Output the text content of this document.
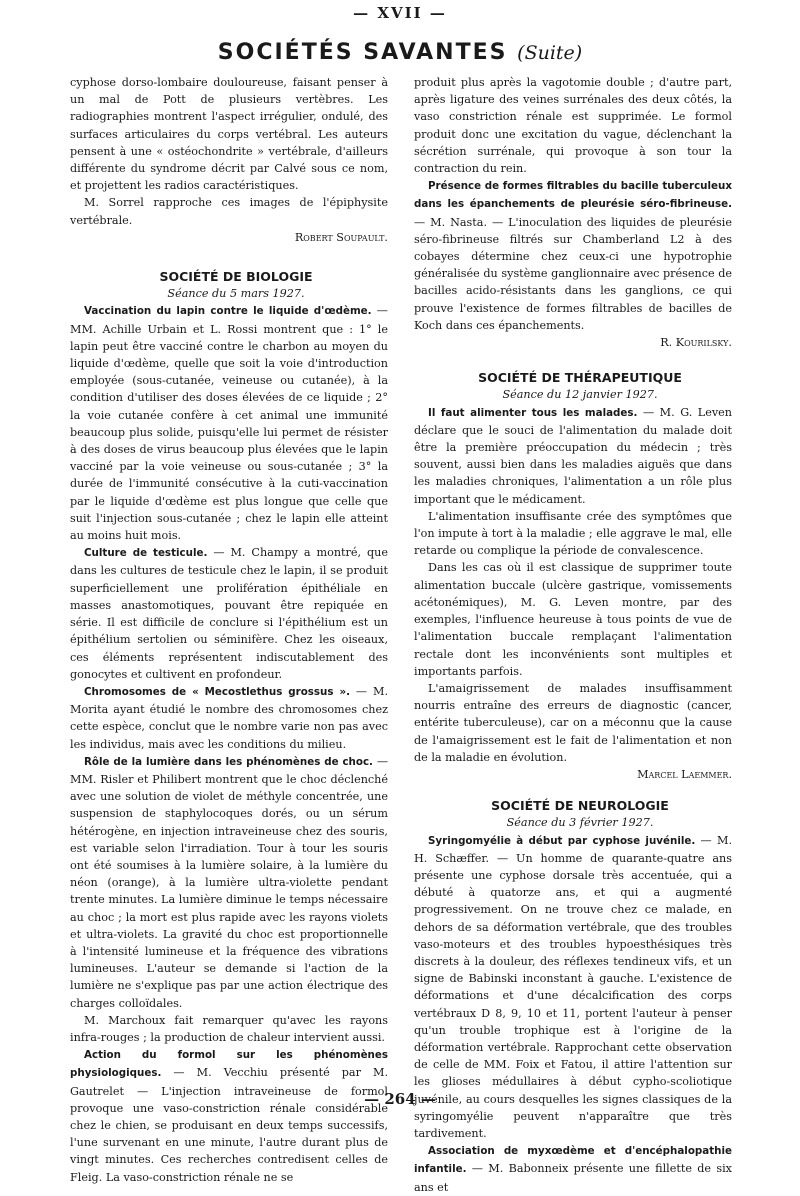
— XVII —
SOCIÉTÉS SAVANTES (Suite)

cyphose dorso-lombaire douloureuse, faisant penser à un mal de Pott de plusieurs vertèbres. Les radiographies montrent l'aspect irrégulier, ondulé, des surfaces articulaires du corps vertébral. Les auteurs pensent à une « ostéochondrite » vertébrale, d'ailleurs différente du syndrome décrit par Calvé sous ce nom, et projettent les radios caractéristiques.

M. Sorrel rapproche ces images de l'épiphysite vertébrale.

Robert Soupault.

SOCIÉTÉ DE BIOLOGIE

Séance du 5 mars 1927.

Vaccination du lapin contre le liquide d'œdème. — MM. Achille Urbain et L. Rossi montrent que : 1° le lapin peut être vacciné contre le charbon au moyen du liquide d'œdème, quelle que soit la voie d'introduction employée (sous-cutanée, veineuse ou cutanée), à la condition d'utiliser des doses élevées de ce liquide ; 2° la voie cutanée confère à cet animal une immunité beaucoup plus solide, puisqu'elle lui permet de résister à des doses de virus beaucoup plus élevées que le lapin vacciné par la voie veineuse ou sous-cutanée ; 3° la durée de l'immunité consécutive à la cuti-vaccination par le liquide d'œdème est plus longue que celle que suit l'injection sous-cutanée ; chez le lapin elle atteint au moins huit mois.

Culture de testicule. — M. Champy a montré, que dans les cultures de testicule chez le lapin, il se produit superficiellement une prolifération épithéliale en masses anastomotiques, pouvant être repiquée en série. Il est difficile de conclure si l'épithélium est un épithélium sertolien ou séminifère. Chez les oiseaux, ces éléments représentent indiscutablement des gonocytes et cultivent en profondeur.

Chromosomes de « Mecostlethus grossus ». — M. Morita ayant étudié le nombre des chromosomes chez cette espèce, conclut que le nombre varie non pas avec les individus, mais avec les conditions du milieu.

Rôle de la lumière dans les phénomènes de choc. — MM. Risler et Philibert montrent que le choc déclenché avec une solution de violet de méthyle concentrée, une suspension de staphylocoques dorés, ou un sérum hétérogène, en injection intraveineuse chez des souris, est variable selon l'irradiation. Tour à tour les souris ont été soumises à la lumière solaire, à la lumière du néon (orange), à la lumière ultra-violette pendant trente minutes. La lumière diminue le temps nécessaire au choc ; la mort est plus rapide avec les rayons violets et ultra-violets. La gravité du choc est proportionnelle à l'intensité lumineuse et la fréquence des vibrations lumineuses. L'auteur se demande si l'action de la lumière ne s'explique pas par une action électrique des charges colloïdales.

M. Marchoux fait remarquer qu'avec les rayons infra-rouges ; la production de chaleur intervient aussi.

Action du formol sur les phénomènes physiologiques. — M. Vecchiu présenté par M. Gautrelet — L'injection intraveineuse de formol provoque une vaso-constriction rénale considérable chez le chien, se produisant en deux temps successifs, l'une survenant en une minute, l'autre durant plus de vingt minutes. Ces recherches contredisent celles de Fleig. La vaso-constriction rénale ne se

produit plus après la vagotomie double ; d'autre part, après ligature des veines surrénales des deux côtés, la vaso constriction rénale est supprimée. Le formol produit donc une excitation du vague, déclenchant la sécrétion surrénale, qui provoque à son tour la contraction du rein.

Présence de formes filtrables du bacille tuberculeux dans les épanchements de pleurésie séro-fibrineuse. — M. Nasta. — L'inoculation des liquides de pleurésie séro-fibrineuse filtrés sur Chamberland L2 à des cobayes détermine chez ceux-ci une hypotrophie généralisée du système ganglionnaire avec présence de bacilles acido-résistants dans les ganglions, ce qui prouve l'existence de formes filtrables de bacilles de Koch dans ces épanchements.

R. Kourilsky.

SOCIÉTÉ DE THÉRAPEUTIQUE

Séance du 12 janvier 1927.

Il faut alimenter tous les malades. — M. G. Leven déclare que le souci de l'alimentation du malade doit être la première préoccupation du médecin ; très souvent, aussi bien dans les maladies aiguës que dans les maladies chroniques, l'alimentation a un rôle plus important que le médicament.

L'alimentation insuffisante crée des symptômes que l'on impute à tort à la maladie ; elle aggrave le mal, elle retarde ou complique la période de convalescence.

Dans les cas où il est classique de supprimer toute alimentation buccale (ulcère gastrique, vomissements acétonémiques), M. G. Leven montre, par des exemples, l'influence heureuse à tous points de vue de l'alimentation buccale remplaçant l'alimentation rectale dont les inconvénients sont multiples et importants parfois.

L'amaigrissement de malades insuffisamment nourris entraîne des erreurs de diagnostic (cancer, entérite tuberculeuse), car on a méconnu que la cause de l'amaigrissement est le fait de l'alimentation et non de la maladie en évolution.

Marcel Laemmer.

SOCIÉTÉ DE NEUROLOGIE

Séance du 3 février 1927.

Syringomyélie à début par cyphose juvénile. — M. H. Schæffer. — Un homme de quarante-quatre ans présente une cyphose dorsale très accentuée, qui a débuté à quatorze ans, et qui a augmenté progressivement. On ne trouve chez ce malade, en dehors de sa déformation vertébrale, que des troubles vaso-moteurs et des troubles hypoesthésiques très discrets à la douleur, des réflexes tendineux vifs, et un signe de Babinski inconstant à gauche. L'existence de déformations et d'une décalcification des corps vertébraux D 8, 9, 10 et 11, portent l'auteur à penser qu'un trouble trophique est à l'origine de la déformation vertébrale. Rapprochant cette observation de celle de MM. Foix et Fatou, il attire l'attention sur les glioses médullaires à début cypho-scoliotique juvénile, au cours desquelles les signes classiques de la syringomyélie peuvent n'apparaître que très tardivement.

Association de myxœdème et d'encéphalopathie infantile. — M. Babonneix présente une fillette de six ans et

— 264 —
